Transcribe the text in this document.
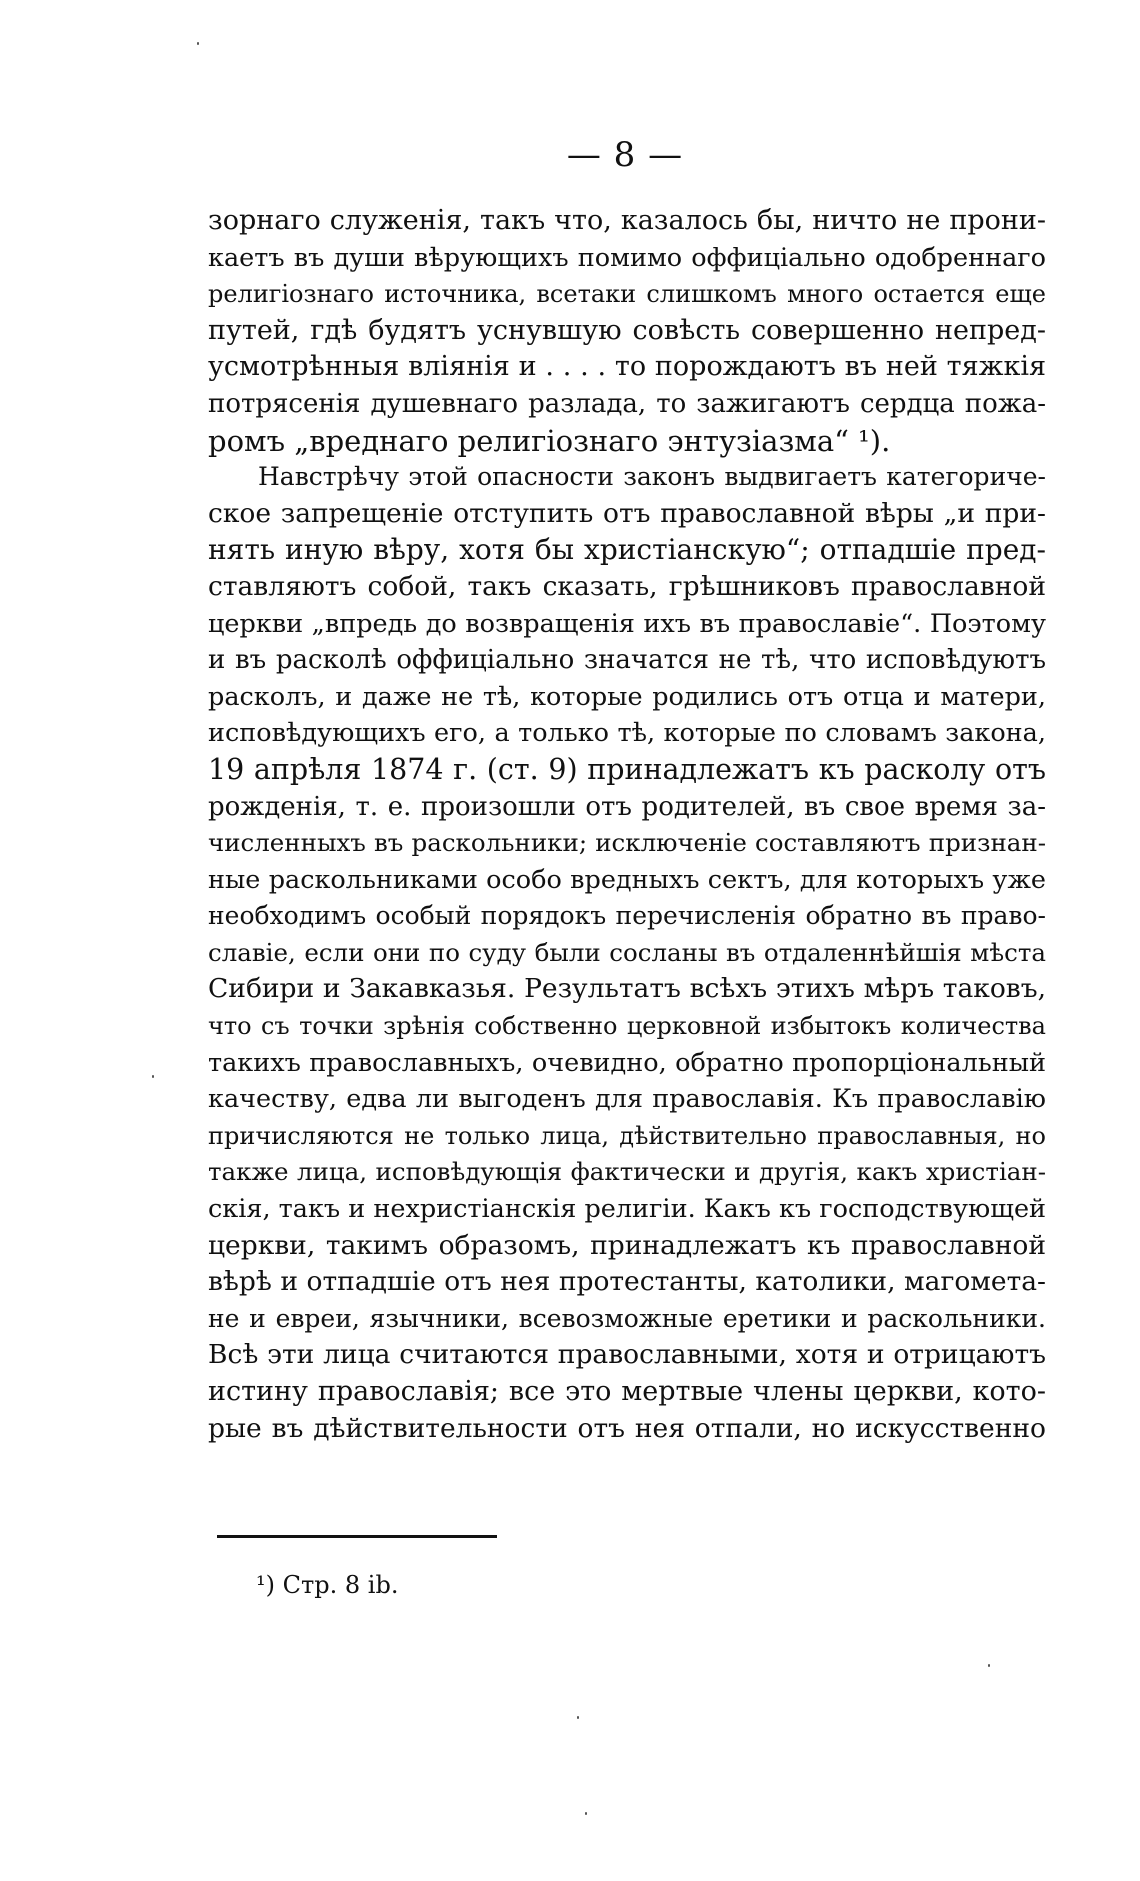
— 8 —
зорнаго служенія, такъ что, казалось бы, ничто не прони-
каетъ въ души вѣрующихъ помимо оффиціально одобреннаго
религіознаго источника, всетаки слишкомъ много остается еще
путей, гдѣ будятъ уснувшую совѣсть совершенно непред-
усмотрѣнныя вліянія и . . . . то порождаютъ въ ней тяжкія
потрясенія душевнаго разлада, то зажигаютъ сердца пожа-
ромъ „вреднаго религіознаго энтузіазма“ ¹).
Навстрѣчу этой опасности законъ выдвигаетъ категориче-
ское запрещеніе отступить отъ православной вѣры „и при-
нять иную вѣру, хотя бы христіанскую“; отпадшіе пред-
ставляютъ собой, такъ сказать, грѣшниковъ православной
церкви „впредь до возвращенія ихъ въ православіе“. Поэтому
и въ расколѣ оффиціально значатся не тѣ, что исповѣдуютъ
расколъ, и даже не тѣ, которые родились отъ отца и матери,
исповѣдующихъ его, а только тѣ, которые по словамъ закона,
19 апрѣля 1874 г. (ст. 9) принадлежатъ къ расколу отъ
рожденія, т. е. произошли отъ родителей, въ свое время за-
численныхъ въ раскольники; исключеніе составляютъ признан-
ные раскольниками особо вредныхъ сектъ, для которыхъ уже
необходимъ особый порядокъ перечисленія обратно въ право-
славіе, если они по суду были сосланы въ отдаленнѣйшія мѣста
Сибири и Закавказья. Результатъ всѣхъ этихъ мѣръ таковъ,
что съ точки зрѣнія собственно церковной избытокъ количества
такихъ православныхъ, очевидно, обратно пропорціональный
качеству, едва ли выгоденъ для православія. Къ православію
причисляются не только лица, дѣйствительно православныя, но
также лица, исповѣдующія фактически и другія, какъ христіан-
скія, такъ и нехристіанскія религіи. Какъ къ господствующей
церкви, такимъ образомъ, принадлежатъ къ православной
вѣрѣ и отпадшіе отъ нея протестанты, католики, магомета-
не и евреи, язычники, всевозможные еретики и раскольники.
Всѣ эти лица считаются православными, хотя и отрицаютъ
истину православія; все это мертвые члены церкви, кото-
рые въ дѣйствительности отъ нея отпали, но искусственно
¹) Стр. 8 ib.
